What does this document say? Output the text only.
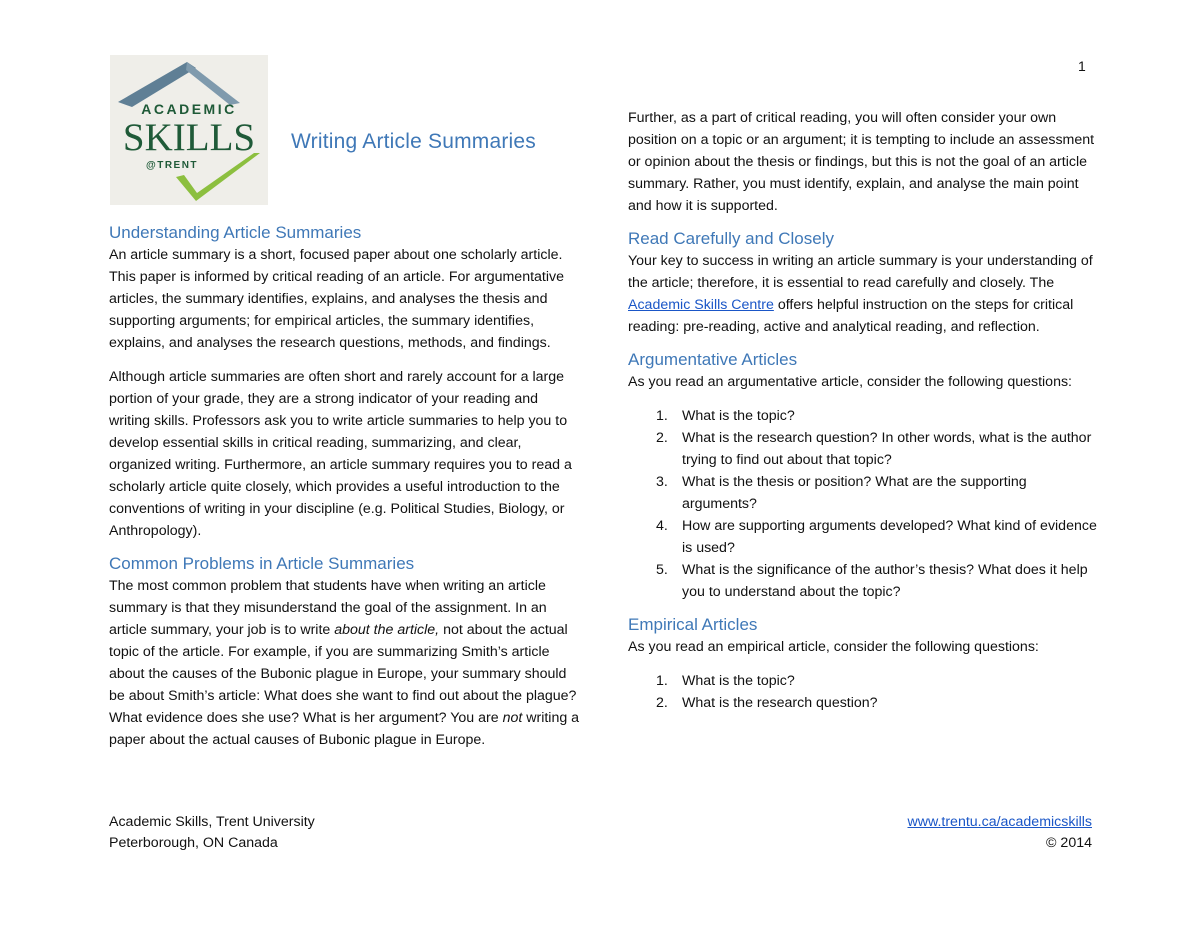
1
ACADEMIC
SKILLS
@TRENT
Writing Article Summaries
Understanding Article Summaries

An article summary is a short, focused paper about one scholarly article. This paper is informed by critical reading of an article. For argumentative articles, the summary identifies, explains, and analyses the thesis and supporting arguments; for empirical articles, the summary identifies, explains, and analyses the research questions, methods, and findings.

Although article summaries are often short and rarely account for a large portion of your grade, they are a strong indicator of your reading and writing skills. Professors ask you to write article summaries to help you to develop essential skills in critical reading, summarizing, and clear, organized writing. Furthermore, an article summary requires you to read a scholarly article quite closely, which provides a useful introduction to the conventions of writing in your discipline (e.g. Political Studies, Biology, or Anthropology).

Common Problems in Article Summaries

The most common problem that students have when writing an article summary is that they misunderstand the goal of the assignment. In an article summary, your job is to write about the article, not about the actual topic of the article. For example, if you are summarizing Smith’s article about the causes of the Bubonic plague in Europe, your summary should be about Smith’s article: What does she want to find out about the plague? What evidence does she use? What is her argument? You are not writing a paper about the actual causes of Bubonic plague in Europe.

Further, as a part of critical reading, you will often consider your own position on a topic or an argument; it is tempting to include an assessment or opinion about the thesis or findings, but this is not the goal of an article summary. Rather, you must identify, explain, and analyse the main point and how it is supported.

Read Carefully and Closely

Your key to success in writing an article summary is your understanding of the article; therefore, it is essential to read carefully and closely. The Academic Skills Centre offers helpful instruction on the steps for critical reading: pre-reading, active and analytical reading, and reflection.

Argumentative Articles

As you read an argumentative article, consider the following questions:

1. What is the topic?
2. What is the research question? In other words, what is the author trying to find out about that topic?
3. What is the thesis or position? What are the supporting arguments?
4. How are supporting arguments developed? What kind of evidence is used?
5. What is the significance of the author’s thesis? What does it help you to understand about the topic?
Empirical Articles

As you read an empirical article, consider the following questions:

1. What is the topic?
2. What is the research question?
Academic Skills, Trent University
Peterborough, ON Canada
www.trentu.ca/academicskills
© 2014
